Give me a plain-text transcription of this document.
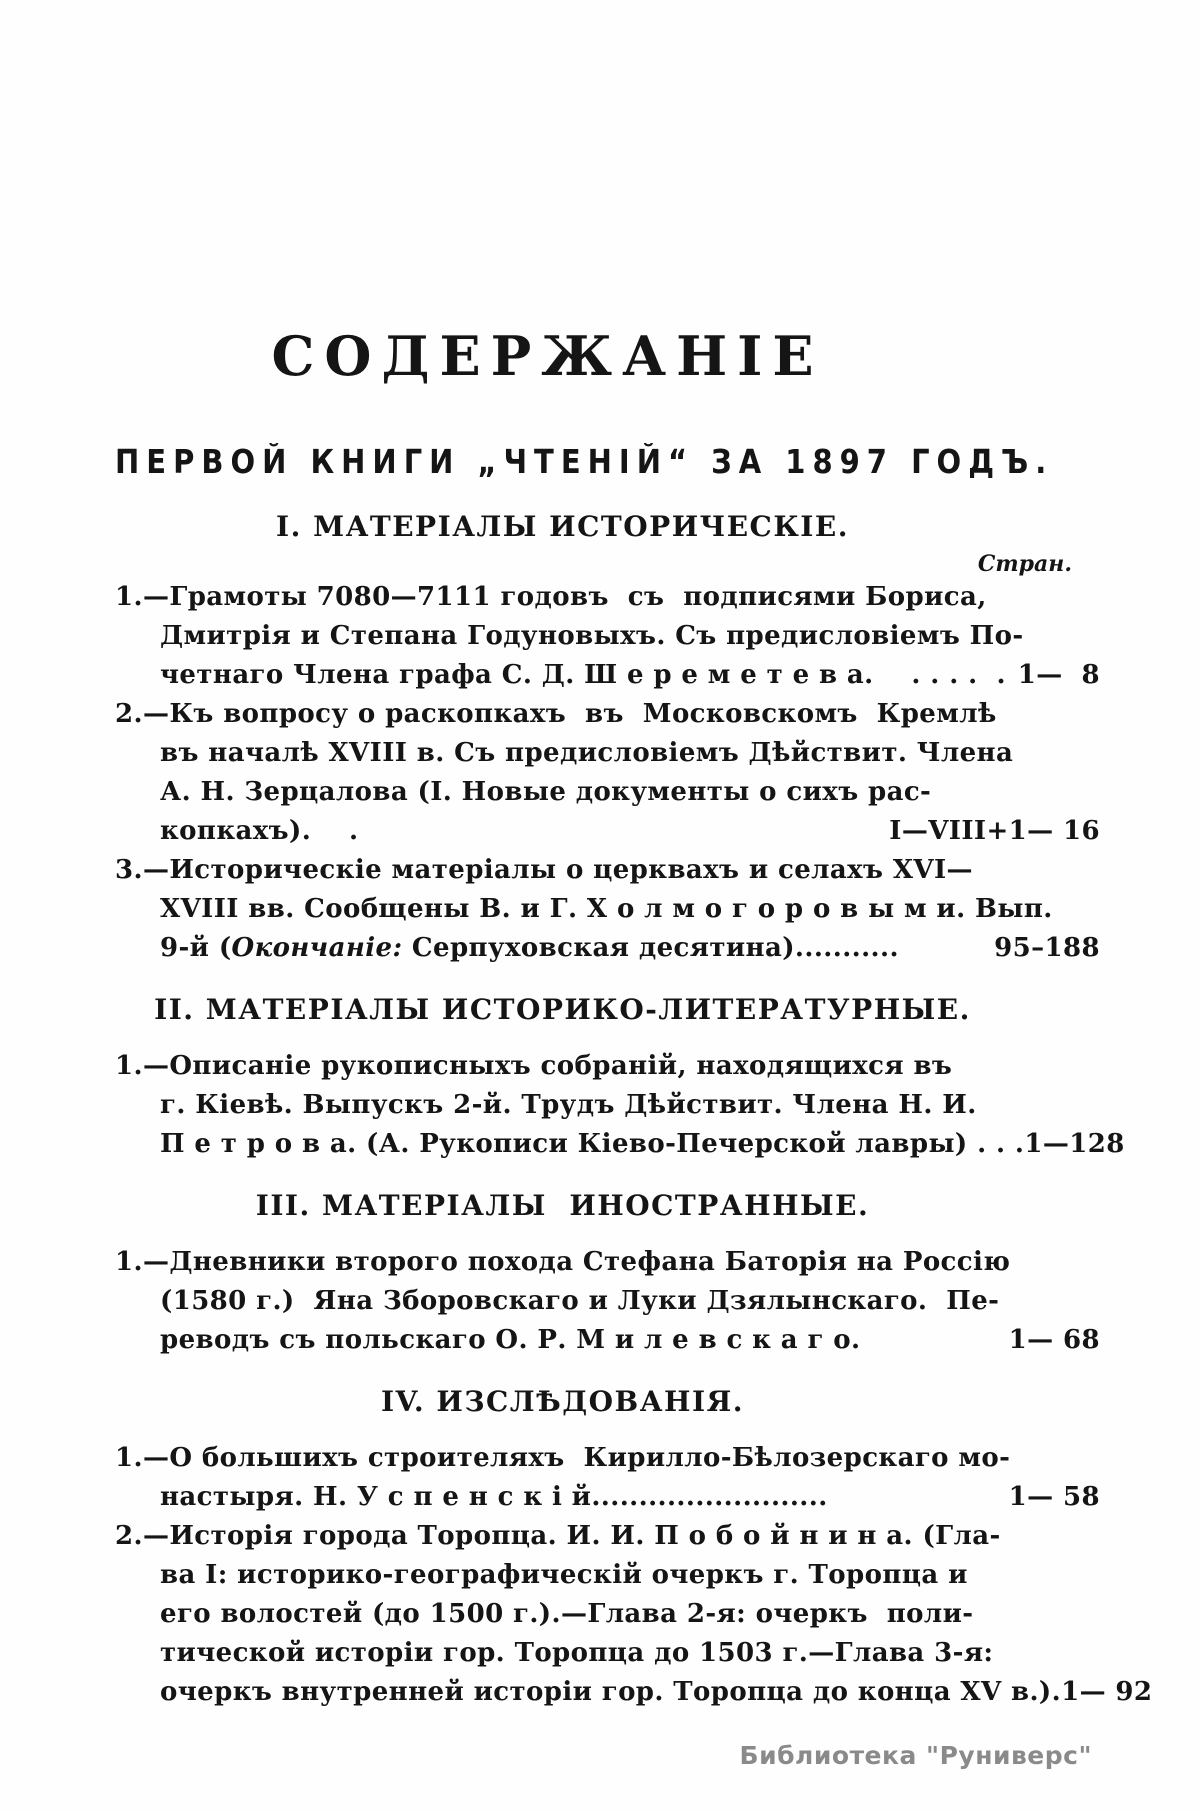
СОДЕРЖАНІЕ
ПЕРВОЙ КНИГИ „ЧТЕНІЙ“ ЗА 1897 ГОДЪ.
I. МАТЕРІАЛЫ ИСТОРИЧЕСКІЕ.
Стран.
1.—Грамоты 7080—7111 годовъ  съ  подписями Бориса,
Дмитрія и Степана Годуновыхъ. Съ предисловіемъ По-
четнаго Члена графа С. Д. Ш е р е м е т е в а.    . . . .  . 1—  8
2.—Къ вопросу о раскопкахъ  въ  Московскомъ  Кремлѣ
въ началѣ XVIII в. Съ предисловіемъ Дѣйствит. Члена
А. Н. Зерцалова (I. Новые документы о сихъ рас-
копкахъ).    .	I—VIII+1— 16
3.—Историческіе матеріалы о церквахъ и селахъ XVI—
XVIII вв. Сообщены В. и Г. Х о л м о г о р о в ы м и. Вып.
9-й (Окончаніе: Серпуховская десятина)...........	95–188
II. МАТЕРІАЛЫ ИСТОРИКО-ЛИТЕРАТУРНЫЕ.
1.—Описаніе рукописныхъ собраній, находящихся въ
г. Кіевѣ. Выпускъ 2-й. Трудъ Дѣйствит. Члена Н. И.
П е т р о в а. (А. Рукописи Кіево-Печерской лавры) . . . 1—128
III. МАТЕРІАЛЫ  ИНОСТРАННЫЕ.
1.—Дневники второго похода Стефана Баторія на Россію
(1580 г.)  Яна Зборовскаго и Луки Дзялынскаго.  Пе-
реводъ съ польскаго О. Р. М и л е в с к а г о.	1— 68
IV. ИЗСЛѢДОВАНІЯ.
1.—О большихъ строителяхъ  Кирилло-Бѣлозерскаго мо-
настыря. Н. У с п е н с к і й.........................	1— 58
2.—Исторія города Торопца. И. И. П о б о й н и н а. (Гла-
ва I: историко-географическій очеркъ г. Торопца и
его волостей (до 1500 г.).—Глава 2-я: очеркъ  поли-
тической исторіи гор. Торопца до 1503 г.—Глава 3-я:
очеркъ внутренней исторіи гор. Торопца до конца XV в.). 1— 92
Библиотека "Руниверс"
